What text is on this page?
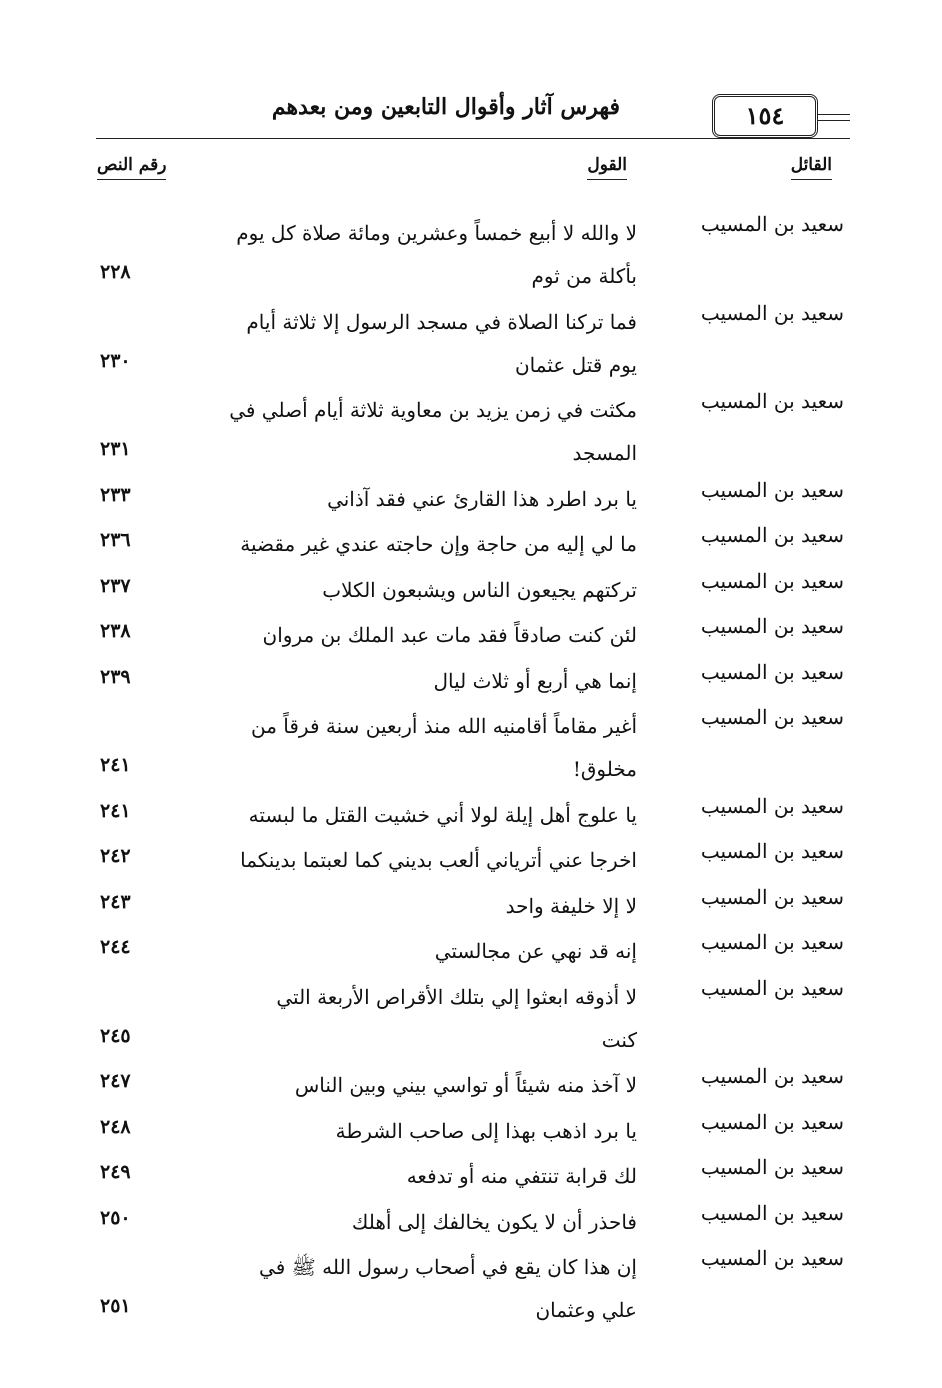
فهرس آثار وأقوال التابعين ومن بعدهم	١٥٤
القائل
القول
رقم النص
سعيد بن المسيب
لا والله لا أبيع خمساً وعشرين ومائة صلاة كل يوم
بأكلة من ثوم
٢٢٨
سعيد بن المسيب
فما تركنا الصلاة في مسجد الرسول إلا ثلاثة أيام
يوم قتل عثمان
٢٣٠
سعيد بن المسيب
مكثت في زمن يزيد بن معاوية ثلاثة أيام أصلي في
المسجد
٢٣١
سعيد بن المسيب
يا برد اطرد هذا القارئ عني فقد آذاني
٢٣٣
سعيد بن المسيب
ما لي إليه من حاجة وإن حاجته عندي غير مقضية
٢٣٦
سعيد بن المسيب
تركتهم يجيعون الناس ويشبعون الكلاب
٢٣٧
سعيد بن المسيب
لئن كنت صادقاً فقد مات عبد الملك بن مروان
٢٣٨
سعيد بن المسيب
إنما هي أربع أو ثلاث ليال
٢٣٩
سعيد بن المسيب
أغير مقاماً أقامنيه الله منذ أربعين سنة فرقاً من
مخلوق!
٢٤١
سعيد بن المسيب
يا علوج أهل إيلة لولا أني خشيت القتل ما لبسته
٢٤١
سعيد بن المسيب
اخرجا عني أترياني ألعب بديني كما لعبتما بدينكما
٢٤٢
سعيد بن المسيب
لا إلا خليفة واحد
٢٤٣
سعيد بن المسيب
إنه قد نهي عن مجالستي
٢٤٤
سعيد بن المسيب
لا أذوقه ابعثوا إلي بتلك الأقراص الأربعة التي
كنت
٢٤٥
سعيد بن المسيب
لا آخذ منه شيئاً أو تواسي بيني وبين الناس
٢٤٧
سعيد بن المسيب
يا برد اذهب بهذا إلى صاحب الشرطة
٢٤٨
سعيد بن المسيب
لك قرابة تنتفي منه أو تدفعه
٢٤٩
سعيد بن المسيب
فاحذر أن لا يكون يخالفك إلى أهلك
٢٥٠
سعيد بن المسيب
إن هذا كان يقع في أصحاب رسول الله ﷺ في
علي وعثمان
٢٥١
